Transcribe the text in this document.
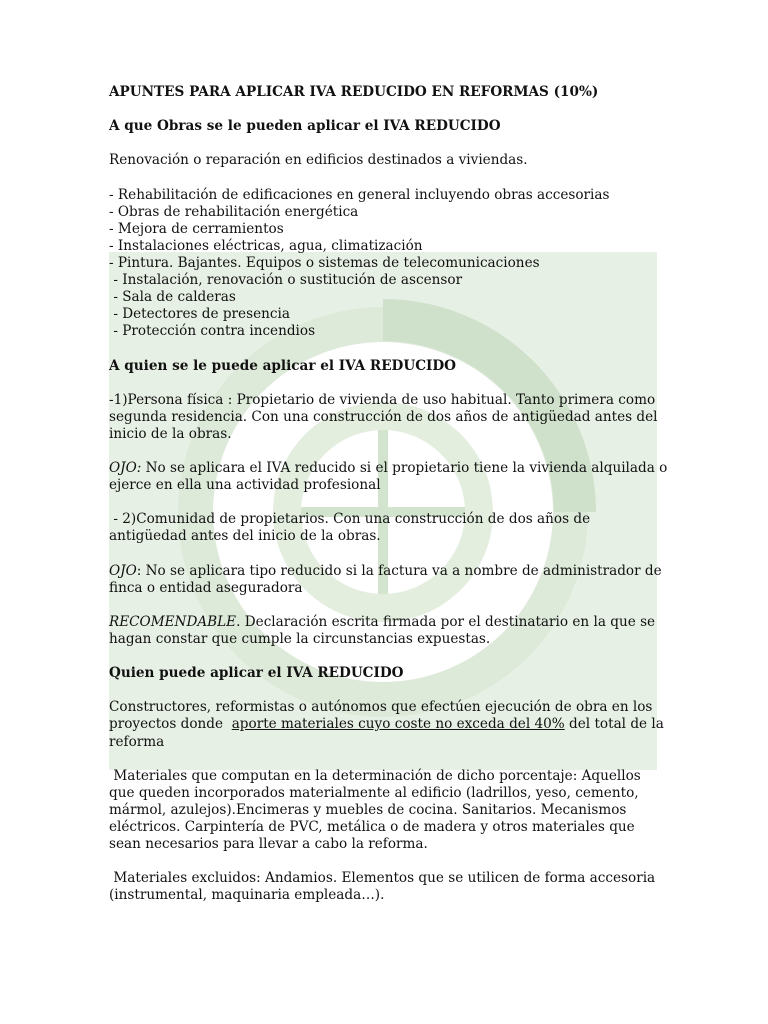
APUNTES PARA APLICAR IVA REDUCIDO EN REFORMAS (10%)

A que Obras se le pueden aplicar el IVA REDUCIDO

Renovación o reparación en edificios destinados a viviendas.

- Rehabilitación de edificaciones en general incluyendo obras accesorias

- Obras de rehabilitación energética

- Mejora de cerramientos

- Instalaciones eléctricas, agua, climatización

- Pintura. Bajantes. Equipos o sistemas de telecomunicaciones

- Instalación, renovación o sustitución de ascensor

- Sala de calderas

- Detectores de presencia

- Protección contra incendios

A quien se le puede aplicar el IVA REDUCIDO

-1)Persona física : Propietario de vivienda de uso habitual. Tanto primera como segunda residencia. Con una construcción de dos años de antigüedad antes del inicio de la obras.

OJO: No se aplicara el IVA reducido si el propietario tiene la vivienda alquilada o ejerce en ella una actividad profesional

- 2)Comunidad de propietarios. Con una construcción de dos años de antigüedad antes del inicio de la obras.

OJO: No se aplicara tipo reducido si la factura va a nombre de administrador de finca o entidad aseguradora

RECOMENDABLE. Declaración escrita firmada por el destinatario en la que se hagan constar que cumple la circunstancias expuestas.

Quien puede aplicar el IVA REDUCIDO

Constructores, reformistas o autónomos que efectúen ejecución de obra en los proyectos donde  aporte materiales cuyo coste no exceda del 40% del total de la reforma

Materiales que computan en la determinación de dicho porcentaje: Aquellos que queden incorporados materialmente al edificio (ladrillos, yeso, cemento, mármol, azulejos).Encimeras y muebles de cocina. Sanitarios. Mecanismos eléctricos. Carpintería de PVC, metálica o de madera y otros materiales que sean necesarios para llevar a cabo la reforma.

Materiales excluidos: Andamios. Elementos que se utilicen de forma accesoria (instrumental, maquinaria empleada…).
